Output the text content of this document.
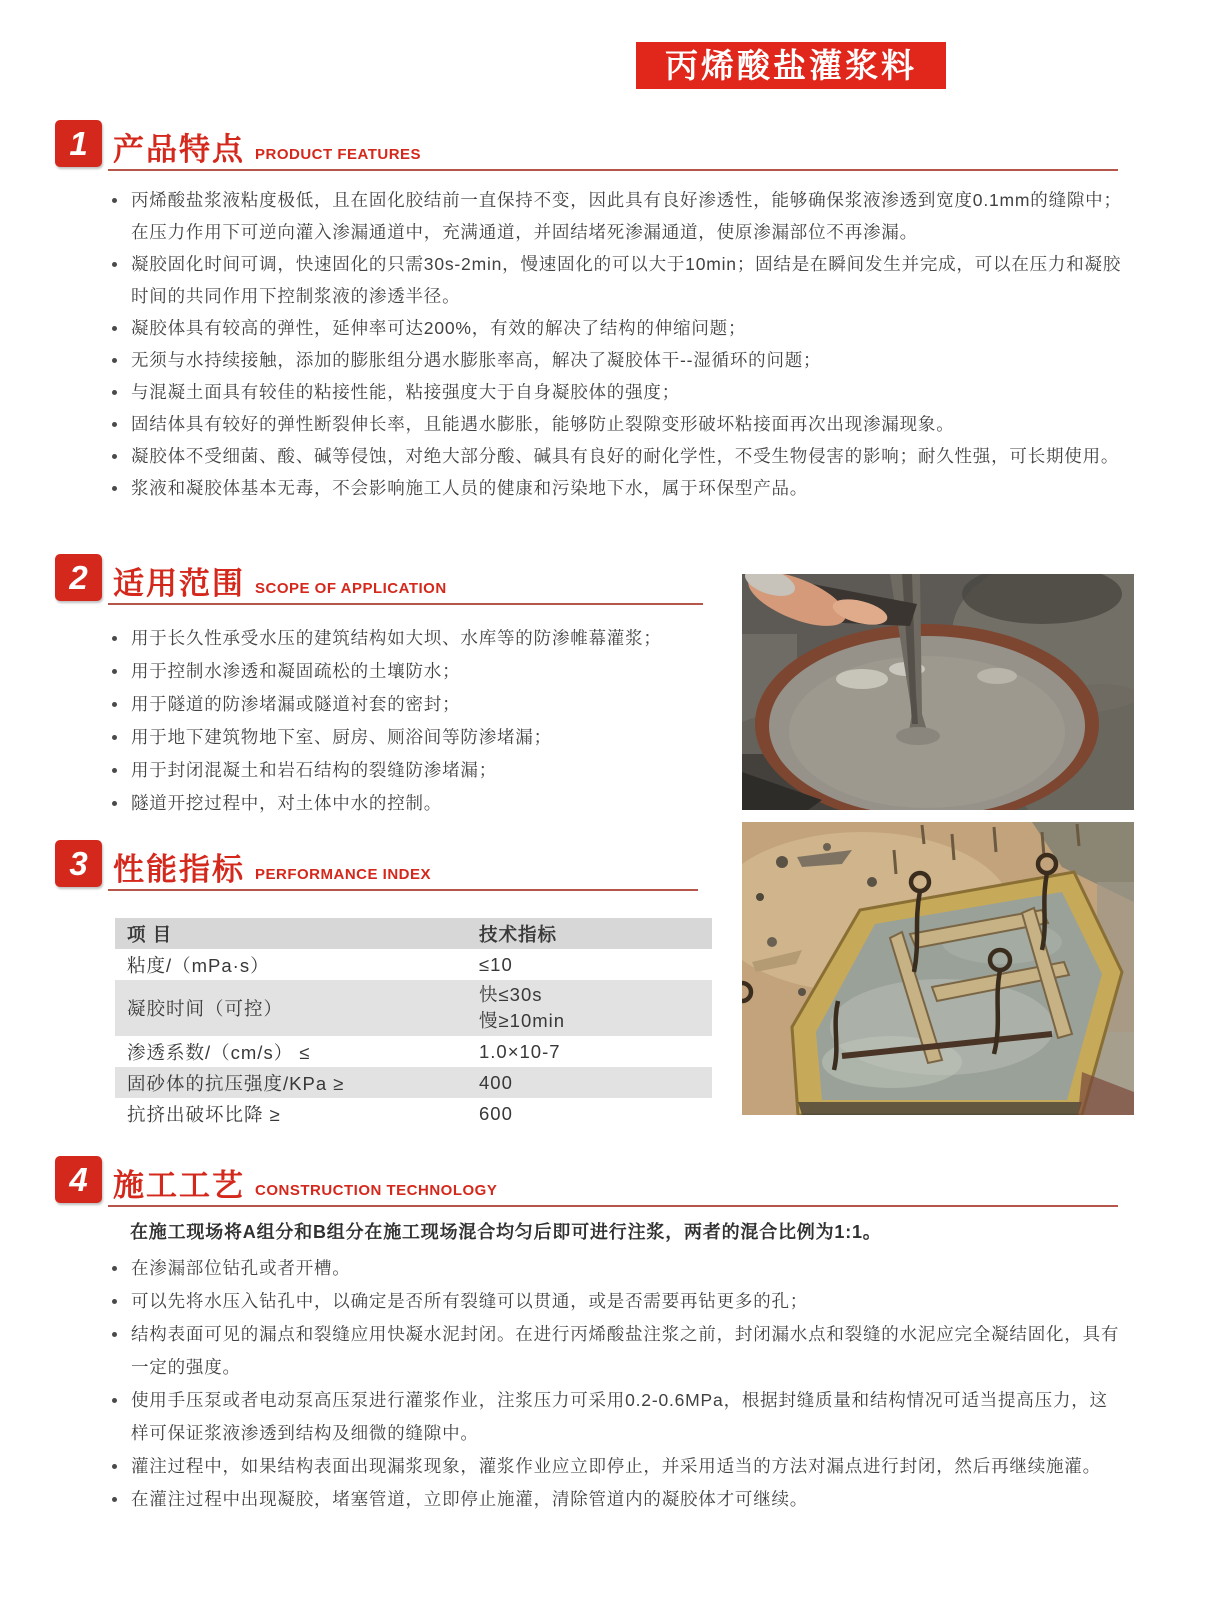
丙烯酸盐灌浆料
1 产品特点 PRODUCT FEATURES
丙烯酸盐浆液粘度极低，且在固化胶结前一直保持不变，因此具有良好渗透性，能够确保浆液渗透到宽度0.1mm的缝隙中；在压力作用下可逆向灌入渗漏通道中，充满通道，并固结堵死渗漏通道，使原渗漏部位不再渗漏。
凝胶固化时间可调，快速固化的只需30s-2min，慢速固化的可以大于10min；固结是在瞬间发生并完成，可以在压力和凝胶时间的共同作用下控制浆液的渗透半径。
凝胶体具有较高的弹性，延伸率可达200%，有效的解决了结构的伸缩问题；
无须与水持续接触，添加的膨胀组分遇水膨胀率高，解决了凝胶体干--湿循环的问题；
与混凝土面具有较佳的粘接性能，粘接强度大于自身凝胶体的强度；
固结体具有较好的弹性断裂伸长率，且能遇水膨胀，能够防止裂隙变形破坏粘接面再次出现渗漏现象。
凝胶体不受细菌、酸、碱等侵蚀，对绝大部分酸、碱具有良好的耐化学性，不受生物侵害的影响；耐久性强，可长期使用。
浆液和凝胶体基本无毒，不会影响施工人员的健康和污染地下水，属于环保型产品。
2 适用范围 SCOPE OF APPLICATION
用于长久性承受水压的建筑结构如大坝、水库等的防渗帷幕灌浆；
用于控制水渗透和凝固疏松的土壤防水；
用于隧道的防渗堵漏或隧道衬套的密封；
用于地下建筑物地下室、厨房、厕浴间等防渗堵漏；
用于封闭混凝土和岩石结构的裂缝防渗堵漏；
隧道开挖过程中，对土体中水的控制。
3 性能指标 PERFORMANCE INDEX
项 目	技术指标
粘度/（mPa·s）	≤10
凝胶时间（可控）	快≤30s
慢≥10min

渗透系数/（cm/s） ≤	1.0×10-7
固砂体的抗压强度/KPa ≥	400
抗挤出破坏比降 ≥	600
4 施工工艺 CONSTRUCTION TECHNOLOGY
在施工现场将A组分和B组分在施工现场混合均匀后即可进行注浆，两者的混合比例为1:1。
在渗漏部位钻孔或者开槽。
可以先将水压入钻孔中，以确定是否所有裂缝可以贯通，或是否需要再钻更多的孔；
结构表面可见的漏点和裂缝应用快凝水泥封闭。在进行丙烯酸盐注浆之前，封闭漏水点和裂缝的水泥应完全凝结固化，具有一定的强度。
使用手压泵或者电动泵高压泵进行灌浆作业，注浆压力可采用0.2-0.6MPa，根据封缝质量和结构情况可适当提高压力，这样可保证浆液渗透到结构及细微的缝隙中。
灌注过程中，如果结构表面出现漏浆现象，灌浆作业应立即停止，并采用适当的方法对漏点进行封闭，然后再继续施灌。
在灌注过程中出现凝胶，堵塞管道，立即停止施灌，清除管道内的凝胶体才可继续。
